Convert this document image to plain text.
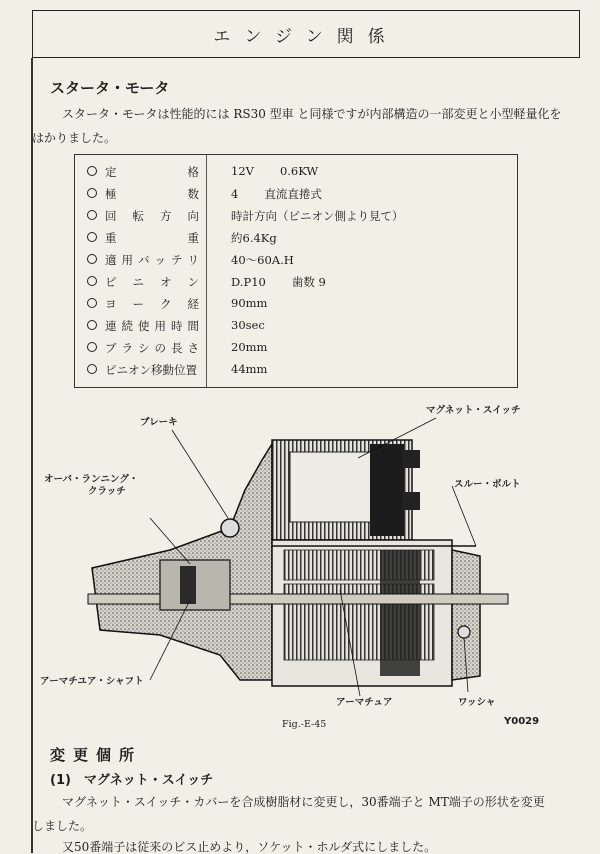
エンジン関係
スタータ・モータ
スタータ・モータは性能的には RS30 型車 と同様ですが内部構造の一部変更と小型軽量化を
はかりました。
定	格	12V 0.6KW
極	数	4 直流直捲式
回 転 方 向	時計方向（ピニオン側より見て）
重	重	約6.4Kg
適 用 バ ッ テ リ	40～60A.H
ピ ニ オ ン	D.P10 歯数 9
ヨ ー ク 経	90mm
連 続 使 用 時 間	30sec
ブ ラ シ の 長 さ	20mm
ピニオン移動位置	44mm
ブレーキ
マグネット・スイッチ
スルー・ボルト
オーバ・ランニング・
クラッチ
アーマチユア・シャフト
アーマチュア	ワッシャ
Fig.-E-45	Y0029
変更個所
(1)　マグネット・スイッチ
マグネット・スイッチ・カバーを合成樹脂材に変更し，30番端子と MT端子の形状を変更
しました。
又50番端子は従来のビス止めより，ソケット・ホルダ式にしました。
